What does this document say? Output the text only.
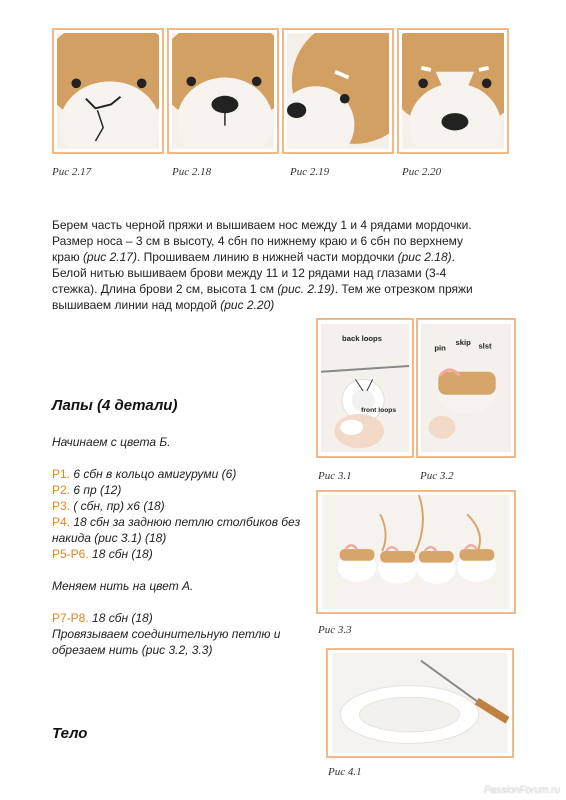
Рис 2.17	Рис 2.18	Рис 2.19	Рис 2.20
Берем часть черной пряжи и вышиваем нос между 1 и 4 рядами мордочки. Размер носа – 3 см в высоту, 4 сбн по нижнему краю и 6 сбн по верхнему краю (рис 2.17). Прошиваем линию в нижней части мордочки (рис 2.18). Белой нитью вышиваем брови между 11 и 12 рядами над глазами (3-4 стежка). Длина брови 2 см, высота 1 см (рис. 2.19). Тем же отрезком пряжи вышиваем линии над мордой (рис 2.20)
Лапы (4 детали)
Начинаем с цвета Б.
Р1. 6 сбн в кольцо амигуруми (6)
Р2. 6 пр (12)
Р3. ( сбн, пр) х6 (18)
Р4. 18 сбн за заднюю петлю столбиков без
накида (рис 3.1) (18)
Р5-Р6. 18 сбн (18)
Меняем нить на цвет А.
Р7-Р8. 18 сбн (18)
Провязываем соединительную петлю и
обрезаем нить (рис 3.2, 3.3)
Тело
back loops
front loops
pin
skip slst
Рис 3.1	Рис 3.2
Рис 3.3
Рис 4.1
PassionForum.ru
